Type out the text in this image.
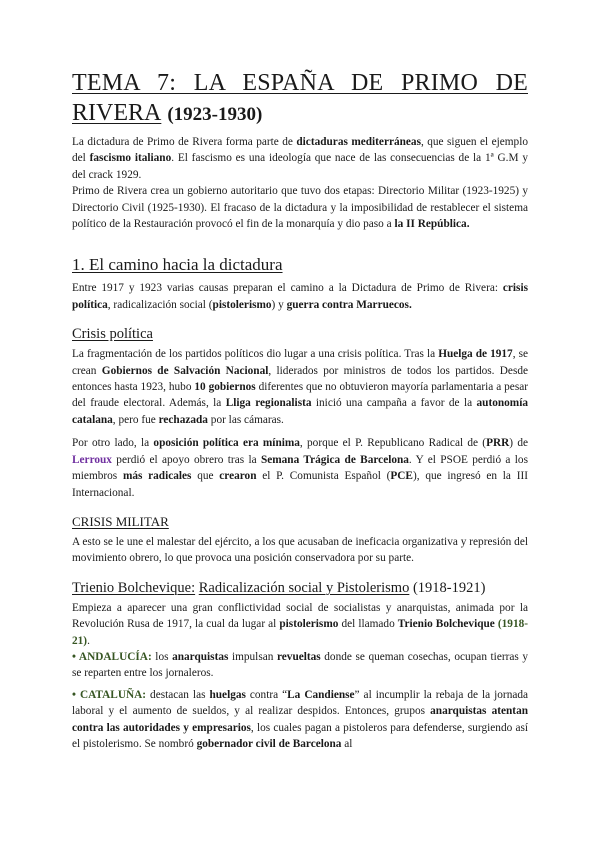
TEMA 7: LA ESPAÑA DE PRIMO DE
RIVERA (1923-1930)

La dictadura de Primo de Rivera forma parte de dictaduras mediterráneas, que siguen el ejemplo del fascismo italiano. El fascismo es una ideología que nace de las consecuencias de la 1ª G.M y del crack 1929.

Primo de Rivera crea un gobierno autoritario que tuvo dos etapas: Directorio Militar (1923-1925) y Directorio Civil (1925-1930). El fracaso de la dictadura y la imposibilidad de restablecer el sistema político de la Restauración provocó el fin de la monarquía y dio paso a la II República.

1. El camino hacia la dictadura

Entre 1917 y 1923 varias causas preparan el camino a la Dictadura de Primo de Rivera: crisis política, radicalización social (pistolerismo) y guerra contra Marruecos.

Crisis política

La fragmentación de los partidos políticos dio lugar a una crisis política. Tras la Huelga de 1917, se crean Gobiernos de Salvación Nacional, liderados por ministros de todos los partidos. Desde entonces hasta 1923, hubo 10 gobiernos diferentes que no obtuvieron mayoría parlamentaria a pesar del fraude electoral. Además, la Lliga regionalista inició una campaña a favor de la autonomía catalana, pero fue rechazada por las cámaras.

Por otro lado, la oposición política era mínima, porque el P. Republicano Radical de (PRR) de Lerroux perdió el apoyo obrero tras la Semana Trágica de Barcelona. Y el PSOE perdió a los miembros más radicales que crearon el P. Comunista Español (PCE), que ingresó en la III Internacional.

CRISIS MILITAR

A esto se le une el malestar del ejército, a los que acusaban de ineficacia organizativa y represión del movimiento obrero, lo que provoca una posición conservadora por su parte.

Trienio Bolchevique: Radicalización social y Pistolerismo (1918-1921)

Empieza a aparecer una gran conflictividad social de socialistas y anarquistas, animada por la Revolución Rusa de 1917, la cual da lugar al pistolerismo del llamado Trienio Bolchevique (1918-21).

• ANDALUCÍA: los anarquistas impulsan revueltas donde se queman cosechas, ocupan tierras y se reparten entre los jornaleros.

• CATALUÑA: destacan las huelgas contra “La Candiense” al incumplir la rebaja de la jornada laboral y el aumento de sueldos, y al realizar despidos. Entonces, grupos anarquistas atentan contra las autoridades y empresarios, los cuales pagan a pistoleros para defenderse, surgiendo así el pistolerismo. Se nombró gobernador civil de Barcelona al
